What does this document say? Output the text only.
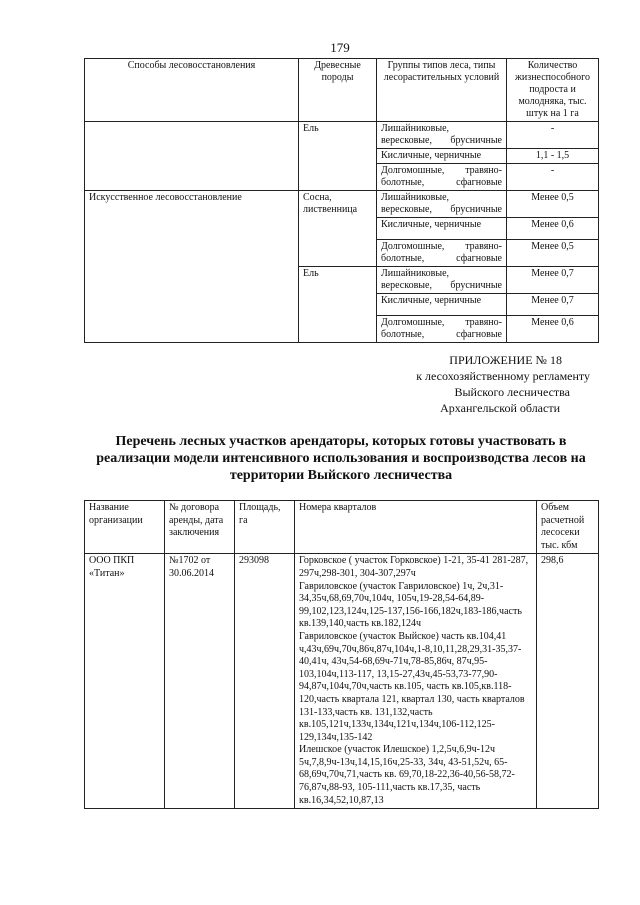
179
Способы лесовосстановления	Древесные породы	Группы типов леса, типы лесорастительных условий	Количество жизнеспособного подроста и молодняка, тыс. штук на 1 га
	Ель	Лишайниковые, вересковые, брусничные	-
		Кисличные, черничные	1,1 - 1,5
		Долгомошные, травяно-болотные, сфагновые	-
Искусственное лесовосстановление	Сосна, лиственница	Лишайниковые, вересковые, брусничные	Менее 0,5
		Кисличные, черничные	Менее 0,6
		Долгомошные, травяно-болотные, сфагновые	Менее 0,5
	Ель	Лишайниковые, вересковые, брусничные	Менее 0,7
		Кисличные, черничные	Менее 0,7
		Долгомошные, травяно-болотные, сфагновые	Менее 0,6
ПРИЛОЖЕНИЕ № 18
к лесохозяйственному регламенту
Выйского лесничества
Архангельской области
Перечень лесных участков арендаторы, которых готовы участвовать в реализации модели интенсивного использования и воспроизводства лесов на территории Выйского лесничества
Название организации	№ договора аренды, дата заключения	Площадь, га	Номера кварталов	Объем расчетной лесосеки тыс. кбм
ООО ПКП «Титан»	№1702 от 30.06.2014	293098	Горковское ( участок Горковское) 1-21, 35-41 281-287, 297ч,298-301, 304-307,297ч
Гавриловское (участок Гавриловское) 1ч, 2ч,31-34,35ч,68,69,70ч,104ч, 105ч,19-28,54-64,89-99,102,123,124ч,125-137,156-166,182ч,183-186,часть кв.139,140,часть кв.182,124ч
Гавриловское (участок Выйское) часть кв.104,41 ч,43ч,69ч,70ч,86ч,87ч,104ч,1-8,10,11,28,29,31-35,37-40,41ч, 43ч,54-68,69ч-71ч,78-85,86ч, 87ч,95-103,104ч,113-117, 13,15-27,43ч,45-53,73-77,90-94,87ч,104ч,70ч,часть кв.105, часть кв.105,кв.118-120,часть квартала 121, квартал 130, часть кварталов 131-133,часть кв. 131,132,часть кв.105,121ч,133ч,134ч,121ч,134ч,106-112,125-129,134ч,135-142
Илешское (участок Илешское) 1,2,5ч,6,9ч-12ч 5ч,7,8,9ч-13ч,14,15,16ч,25-33, 34ч, 43-51,52ч, 65-68,69ч,70ч,71,часть кв. 69,70,18-22,36-40,56-58,72-76,87ч,88-93, 105-111,часть кв.17,35, часть кв.16,34,52,10,87,13	298,6
